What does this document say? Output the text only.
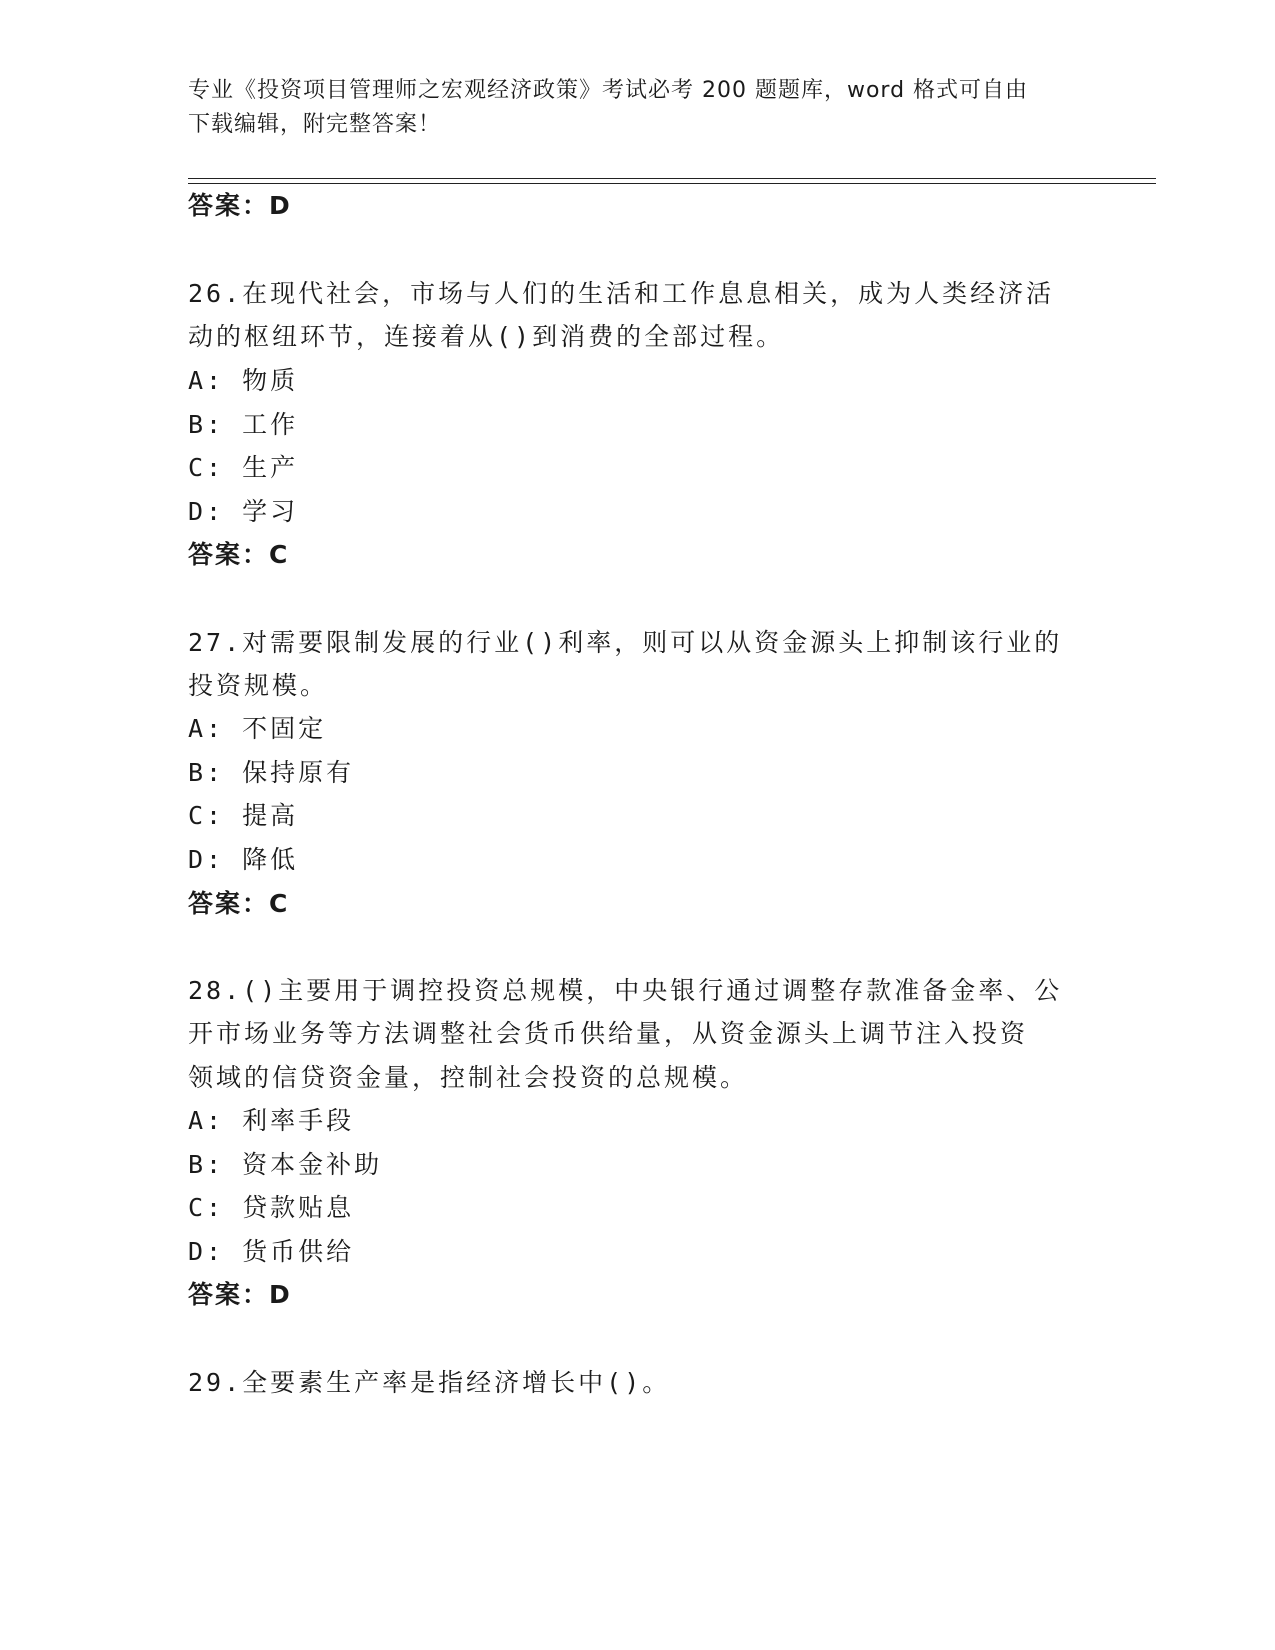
专业《投资项目管理师之宏观经济政策》考试必考 200 题题库，word 格式可自由
下载编辑，附完整答案！
答案：D
26.在现代社会，市场与人们的生活和工作息息相关，成为人类经济活
动的枢纽环节，连接着从()到消费的全部过程。
A: 物质
B: 工作
C: 生产
D: 学习
答案：C
27.对需要限制发展的行业()利率，则可以从资金源头上抑制该行业的
投资规模。
A: 不固定
B: 保持原有
C: 提高
D: 降低
答案：C
28.()主要用于调控投资总规模，中央银行通过调整存款准备金率、公
开市场业务等方法调整社会货币供给量，从资金源头上调节注入投资
领域的信贷资金量，控制社会投资的总规模。
A: 利率手段
B: 资本金补助
C: 贷款贴息
D: 货币供给
答案：D
29.全要素生产率是指经济增长中()。
